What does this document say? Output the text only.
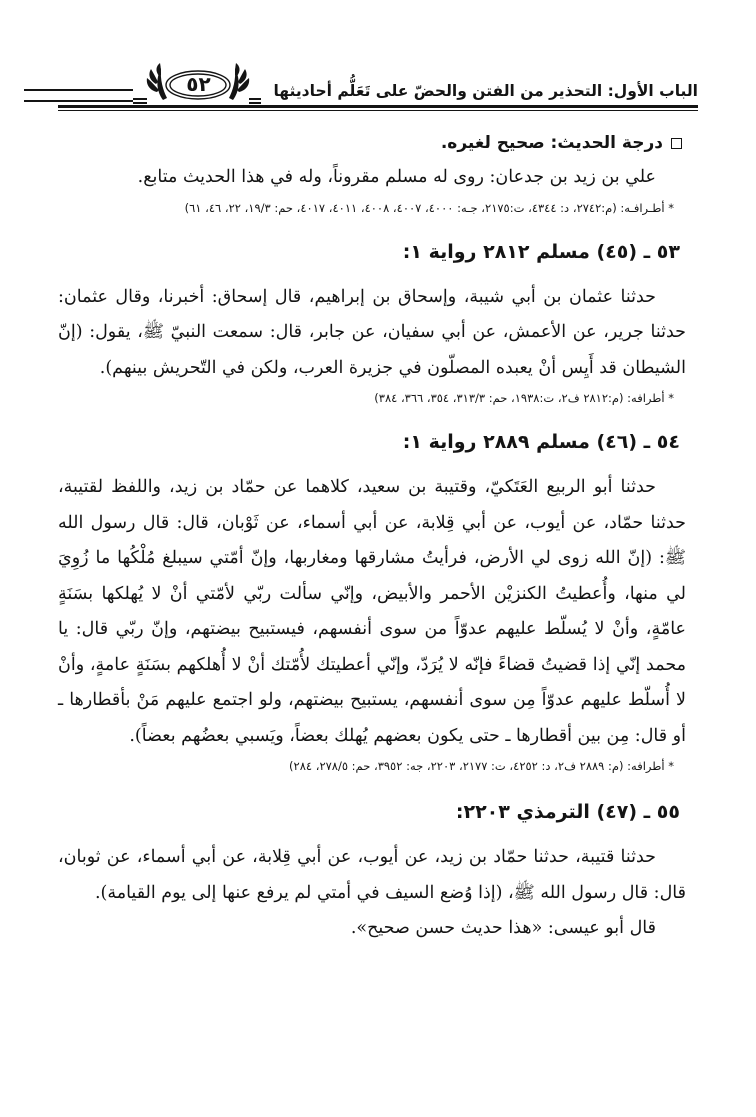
الباب الأول: التحذير من الفتن والحضّ على تَعَلُّم أحاديثها
٥٢
درجة الحديث: صحيح لغيره.

علي بن زيد بن جدعان: روى له مسلم مقروناً، وله في هذا الحديث متابع.

* أطـرافـه: (م:٢٧٤٢، د: ٤٣٤٤، ت:٢١٧٥، جـه: ٤٠٠٠، ٤٠٠٧، ٤٠٠٨، ٤٠١١، ٤٠١٧، حم: ١٩/٣، ٢٢، ٤٦، ٦١)

٥٣ ـ (٤٥) مسلم ٢٨١٢ رواية ١:

حدثنا عثمان بن أبي شيبة، وإسحاق بن إبراهيم، قال إسحاق: أخبرنا، وقال عثمان: حدثنا جرير، عن الأعمش، عن أبي سفيان، عن جابر، قال: سمعت النبيّ ﷺ، يقول: (إنّ الشيطان قد أَيِس أنْ يعبده المصلّون في جزيرة العرب، ولكن في التّحريش بينهم).

* أطرافه: (م:٢٨١٢ ف٢، ت:١٩٣٨، حم: ٣١٣/٣، ٣٥٤، ٣٦٦، ٣٨٤)

٥٤ ـ (٤٦) مسلم ٢٨٨٩ رواية ١:

حدثنا أبو الربيع العَتَكيّ، وقتيبة بن سعيد، كلاهما عن حمّاد بن زيد، واللفظ لقتيبة، حدثنا حمّاد، عن أيوب، عن أبي قِلابة، عن أبي أسماء، عن ثَوْبان، قال: قال رسول الله ﷺ: (إنّ الله زوى لي الأرض، فرأيتُ مشارقها ومغاربها، وإنّ أمّتي سيبلغ مُلْكُها ما زُوِيَ لي منها، وأُعطيتُ الكنزيْن الأحمر والأبيض، وإنّي سألت ربّي لأمّتي أنْ لا يُهلكها بسَنَةٍ عامّةٍ، وأنْ لا يُسلّط عليهم عدوّاً من سوى أنفسهم، فيستبيح بيضتهم، وإنّ ربّي قال: يا محمد إنّي إذا قضيتُ قضاءً فإنّه لا يُرَدّ، وإنّي أعطيتك لأُمّتك أنْ لا أُهلكهم بسَنَةٍ عامةٍ، وأنْ لا أُسلّط عليهم عدوّاً مِن سوى أنفسهم، يستبيح بيضتهم، ولو اجتمع عليهم مَنْ بأقطارها ـ أو قال: مِن بين أقطارها ـ حتى يكون بعضهم يُهلك بعضاً، ويَسبي بعضُهم بعضاً).

* أطرافه: (م: ٢٨٨٩ ف٢، د: ٤٢٥٢، ت: ٢١٧٧، ٢٢٠٣، جه: ٣٩٥٢، حم: ٢٧٨/٥، ٢٨٤)

٥٥ ـ (٤٧) الترمذي ٢٢٠٣:

حدثنا قتيبة، حدثنا حمّاد بن زيد، عن أيوب، عن أبي قِلابة، عن أبي أسماء، عن ثوبان، قال: قال رسول الله ﷺ، (إذا وُضع السيف في أمتي لم يرفع عنها إلى يوم القيامة).

قال أبو عيسى: «هذا حديث حسن صحيح».
